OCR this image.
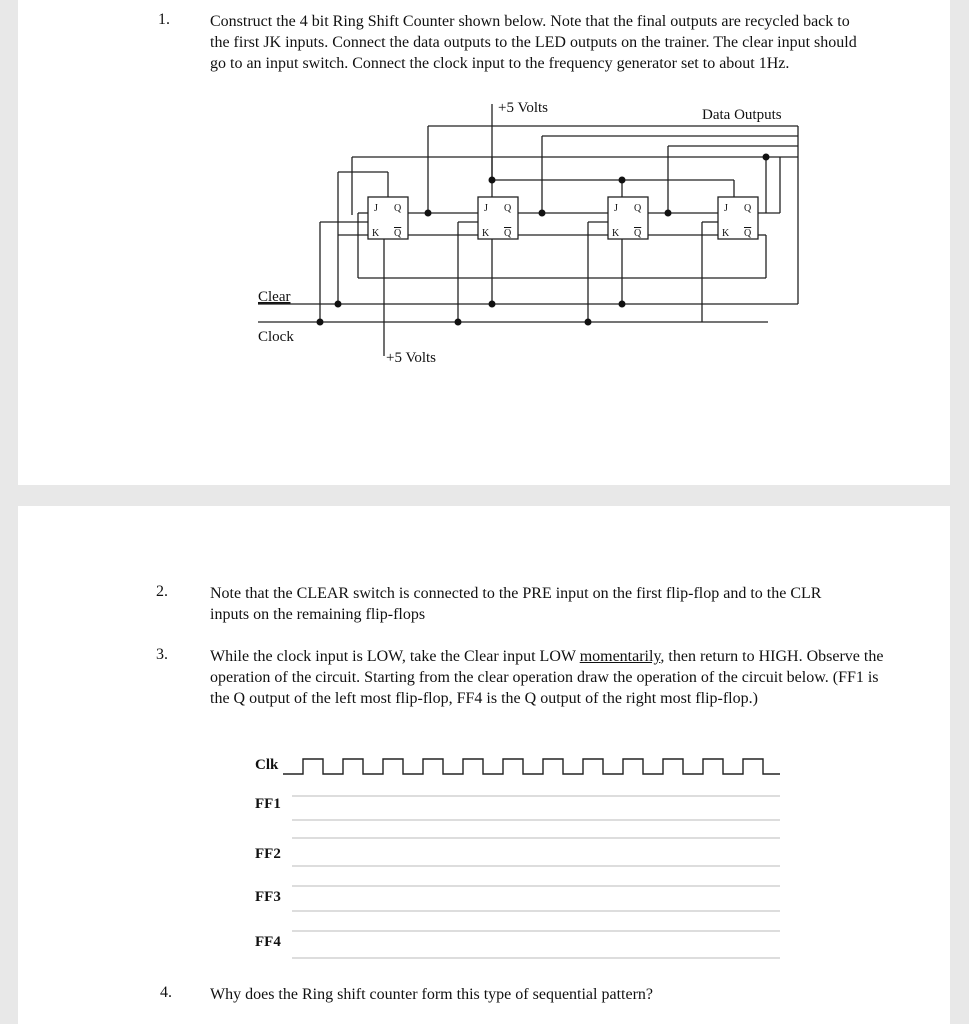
1.	Construct the 4 bit Ring Shift Counter shown below. Note that the final outputs are recycled back to the first JK inputs. Connect the data outputs to the LED outputs on the trainer. The clear input should go to an input switch. Connect the clock input to the frequency generator set to about 1Hz.
J Q
K Q
J Q
K Q
J Q
K Q
J Q
K Q
+5 Volts	Data Outputs
Clear
Clock
+5 Volts
2.	Note that the CLEAR switch is connected to the PRE input on the first flip-flop and to the CLR inputs on the remaining flip-flops
3.	While the clock input is LOW, take the Clear input LOW momentarily, then return to HIGH. Observe the operation of the circuit. Starting from the clear operation draw the operation of the circuit below. (FF1 is the Q output of the left most flip-flop, FF4 is the Q output of the right most flip-flop.)
Clk
FF1
FF2
FF3
FF4
4. Why does the Ring shift counter form this type of sequential pattern?
